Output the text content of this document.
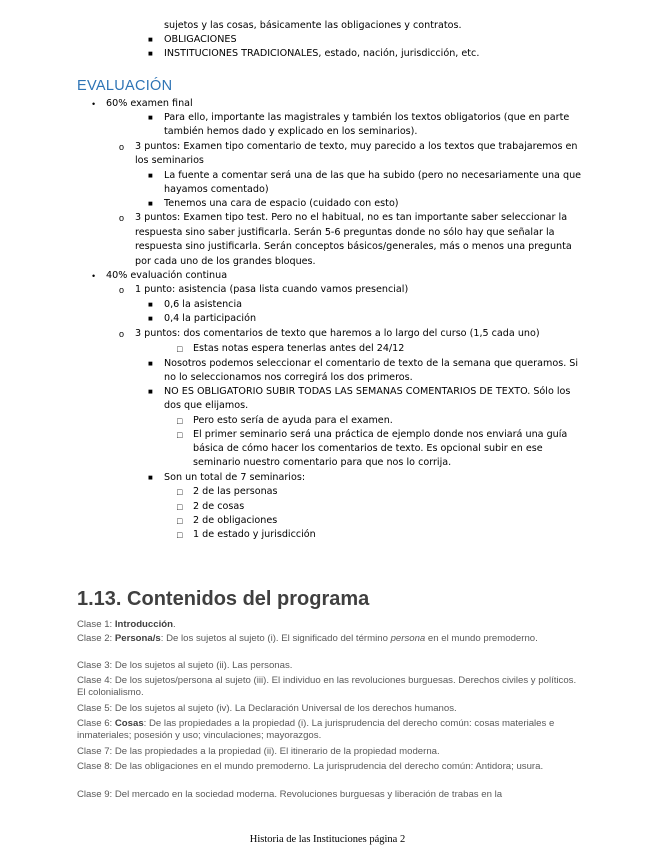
sujetos y las cosas, básicamente las obligaciones y contratos.
■ OBLIGACIONES
■ INSTITUCIONES TRADICIONALES, estado, nación, jurisdicción, etc.
EVALUACIÓN
• 60% examen final
■ Para ello, importante las magistrales y también los textos obligatorios (que en parte
también hemos dado y explicado en los seminarios).
o 3 puntos: Examen tipo comentario de texto, muy parecido a los textos que trabajaremos en
los seminarios
■ La fuente a comentar será una de las que ha subido (pero no necesariamente una que
hayamos comentado)
■ Tenemos una cara de espacio (cuidado con esto)
o 3 puntos: Examen tipo test. Pero no el habitual, no es tan importante saber seleccionar la
respuesta sino saber justificarla. Serán 5-6 preguntas donde no sólo hay que señalar la
respuesta sino justificarla. Serán conceptos básicos/generales, más o menos una pregunta
por cada uno de los grandes bloques.
• 40% evaluación continua
o 1 punto: asistencia (pasa lista cuando vamos presencial)
■ 0,6 la asistencia
■ 0,4 la participación
o 3 puntos: dos comentarios de texto que haremos a lo largo del curso (1,5 cada uno)
□ Estas notas espera tenerlas antes del 24/12
■ Nosotros podemos seleccionar el comentario de texto de la semana que queramos. Si
no lo seleccionamos nos corregirá los dos primeros.
■ NO ES OBLIGATORIO SUBIR TODAS LAS SEMANAS COMENTARIOS DE TEXTO. Sólo los
dos que elijamos.
□ Pero esto sería de ayuda para el examen.
□ El primer seminario será una práctica de ejemplo donde nos enviará una guía
básica de cómo hacer los comentarios de texto. Es opcional subir en ese
seminario nuestro comentario para que nos lo corrija.
■ Son un total de 7 seminarios:
□ 2 de las personas
□ 2 de cosas
□ 2 de obligaciones
□ 1 de estado y jurisdicción
1.13. Contenidos del programa
Clase 1: Introducción.
Clase 2: Persona/s: De los sujetos al sujeto (i). El significado del término persona en el mundo premoderno.
Clase 3: De los sujetos al sujeto (ii). Las personas.
Clase 4: De los sujetos/persona al sujeto (iii). El individuo en las revoluciones burguesas. Derechos civiles y políticos. El colonialismo.
Clase 5: De los sujetos al sujeto (iv). La Declaración Universal de los derechos humanos.
Clase 6: Cosas: De las propiedades a la propiedad (i). La jurisprudencia del derecho común: cosas materiales e inmateriales; posesión y uso; vinculaciones; mayorazgos.
Clase 7: De las propiedades a la propiedad (ii). El itinerario de la propiedad moderna.
Clase 8: De las obligaciones en el mundo premoderno. La jurisprudencia del derecho común: Antidora; usura.
Clase 9: Del mercado en la sociedad moderna. Revoluciones burguesas y liberación de trabas en la
Historia de las Instituciones página 2
